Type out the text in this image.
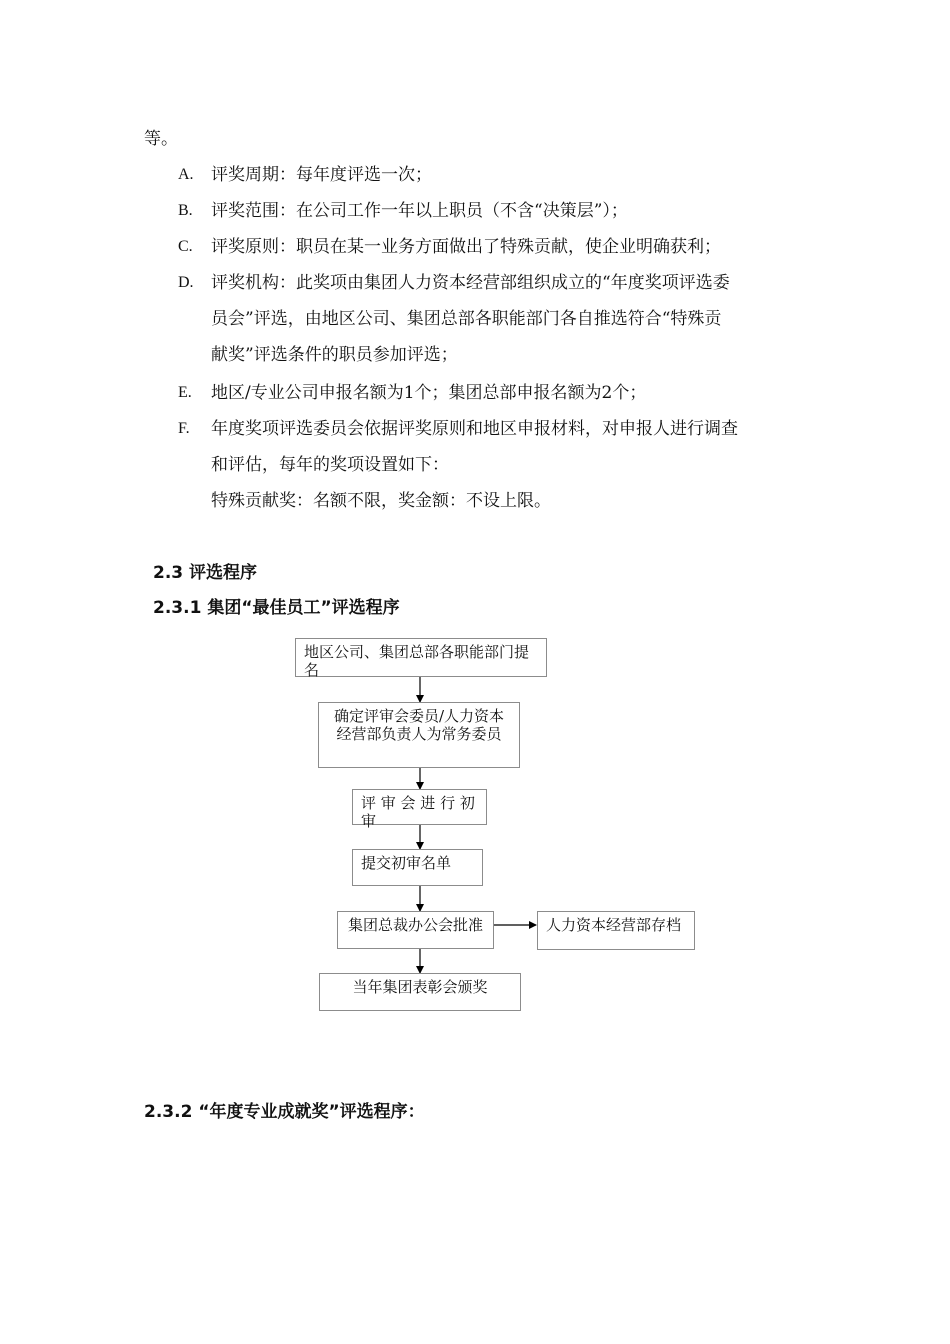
等。
A. 评奖周期：每年度评选一次；
B. 评奖范围：在公司工作一年以上职员（不含“决策层”）；
C. 评奖原则：职员在某一业务方面做出了特殊贡献，使企业明确获利；
D. 评奖机构：此奖项由集团人力资本经营部组织成立的“年度奖项评选委
员会”评选，由地区公司、集团总部各职能部门各自推选符合“特殊贡
献奖”评选条件的职员参加评选；
E. 地区/专业公司申报名额为1个；集团总部申报名额为2个；
F. 年度奖项评选委员会依据评奖原则和地区申报材料，对申报人进行调查
和评估，每年的奖项设置如下：
特殊贡献奖：名额不限，奖金额：不设上限。
2.3 评选程序
2.3.1 集团“最佳员工”评选程序
地区公司、集团总部各职能部门提名
确定评审会委员/人力资本经营部负责人为常务委员
评 审 会 进 行 初 审
提交初审名单
集团总裁办公会批准	人力资本经营部存档
当年集团表彰会颁奖
2.3.2 “年度专业成就奖”评选程序：
